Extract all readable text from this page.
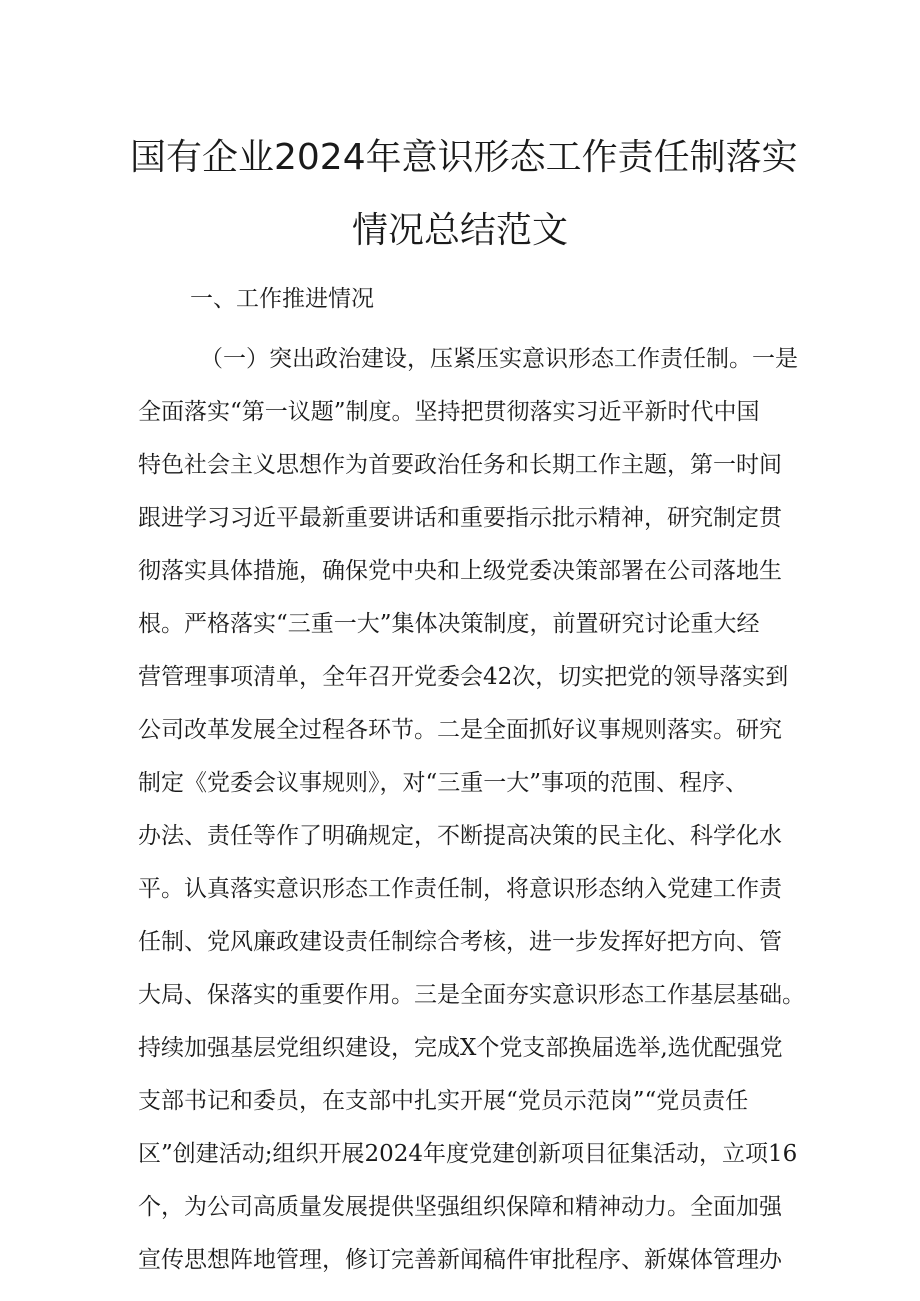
国有企业2024年意识形态工作责任制落实
情况总结范文
一、工作推进情况
（一）突出政治建设，压紧压实意识形态工作责任制。一是
全面落实“第一议题”制度。坚持把贯彻落实习近平新时代中国
特色社会主义思想作为首要政治任务和长期工作主题，第一时间
跟进学习习近平最新重要讲话和重要指示批示精神，研究制定贯
彻落实具体措施，确保党中央和上级党委决策部署在公司落地生
根。严格落实“三重一大”集体决策制度，前置研究讨论重大经
营管理事项清单，全年召开党委会42次，切实把党的领导落实到
公司改革发展全过程各环节。二是全面抓好议事规则落实。研究
制定《党委会议事规则》，对“三重一大”事项的范围、程序、
办法、责任等作了明确规定，不断提高决策的民主化、科学化水
平。认真落实意识形态工作责任制，将意识形态纳入党建工作责
任制、党风廉政建设责任制综合考核，进一步发挥好把方向、管
大局、保落实的重要作用。三是全面夯实意识形态工作基层基础。
持续加强基层党组织建设，完成X个党支部换届选举,选优配强党
支部书记和委员，在支部中扎实开展“党员示范岗”“党员责任
区”创建活动;组织开展2024年度党建创新项目征集活动，立项16
个，为公司高质量发展提供坚强组织保障和精神动力。全面加强
宣传思想阵地管理，修订完善新闻稿件审批程序、新媒体管理办
